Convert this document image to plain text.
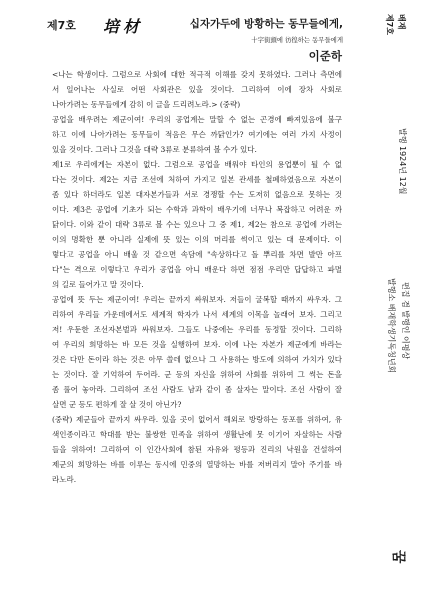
제7호 培材	십자가두에 방황하는 동무들에게,
十字街頭에 彷徨하는 동무들에게
이준하
<나는 학생이다. 그럼으로 사회에 대한 적극적 이해를 갖지 못하였다. 그러나 측면에
서 일어나는 사실로 어떤 사회관은 있을 것이다. 그리하여 이에 장차 사회로
나아가려는 동무들에게 감히 이 글을 드리려노라.> (중략)
공업을 배우려는 제군이여! 우리의 공업계는 말할 수 없는 곤경에 빠져있음에 불구
하고 이에 나아가려는 동무들이 적음은 무슨 까닭인가? 여기에는 여러 가지 사정이
있을 것이다. 그러나 그것을 대략 3류로 분류하여 볼 수가 있다.
제1로 우리에게는 자본이 없다. 그럼으로 공업을 배워야 타인의 용업뿐이 될 수 없
다는 것이다. 제2는 지금 조선에 처하여 가지고 일본 관세를 철폐하였음으로 자본이
좀 있다 하더라도 일본 대자본가들과 서로 경쟁할 수는 도저히 없음으로 못하는 것
이다. 제3은 공업에 기초가 되는 수학과 과학이 배우기에 너무나 복잡하고 어려운 까
닭이다. 이와 같이 대략 3류로 볼 수는 있으나 그 중 제1, 제2는 참으로 공업에 가려는
이의 명확한 뿐 아니라 실제에 뜻 있는 이의 머리를 썩이고 있는 대 문제이다. 이
렇다고 공업을 아니 배울 것 같으면 속담에 "속상하다고 돌 뿌리를 차면 발만 아프
다"는 격으로 이렇다고 우리가 공업을 아니 배운다 하면 점점 우리만 답답하고 파멸
의 길로 들어가고 말 것이다.
공업에 뜻 두는 제군이여! 우리는 끝까지 싸워보자. 저들이 굴복할 때까지 싸우자. 그
리하여 우리들 가운데에서도 세계적 학자가 나서 세계의 이목을 놀래어 보자. 그리고
저! 우둔한 조선자본벌과 싸워보자. 그들도 나중에는 우리를 동정할 것이다. 그리하
여 우리의 희망하는 바 모든 것을 실행하여 보자. 이에 나는 자본가 제군에게 바라는
것은 다만 돈이라 하는 것은 아무 쓸데 없으나 그 사용하는 방도에 의하여 가치가 있다
는 것이다. 잘 기억하여 두어라. 군 등의 자신을 위하여 사회를 위하여 그 썩는 돈을
좀 풀어 놓아라. 그리하여 조선 사람도 남과 같이 좀 살자는 말이다. 조선 사람이 잘
살면 군 등도 편하게 잘 살 것이 아닌가?
(중략) 제군들아 끝까지 싸우라. 있을 곳이 없어서 해외로 방랑하는 동포를 위하여, 유
색인종이라고 학대를 받는 불쌍한 민족을 위하여 생활난에 못 이기어 자살하는 사람
들을 위하여! 그리하여 이 인간사회에 참된 자유와 평등과 진리의 낙원을 건설하여
제군의 희망하는 바를 이루는 동시에 민중의 열망하는 바를 저버리지 말아 주기를 바
라노라.
배재
제7호
발행 1924년 12월
편집 겸 발행인 이평상
발행소 배재학생기독청년회
꿈
